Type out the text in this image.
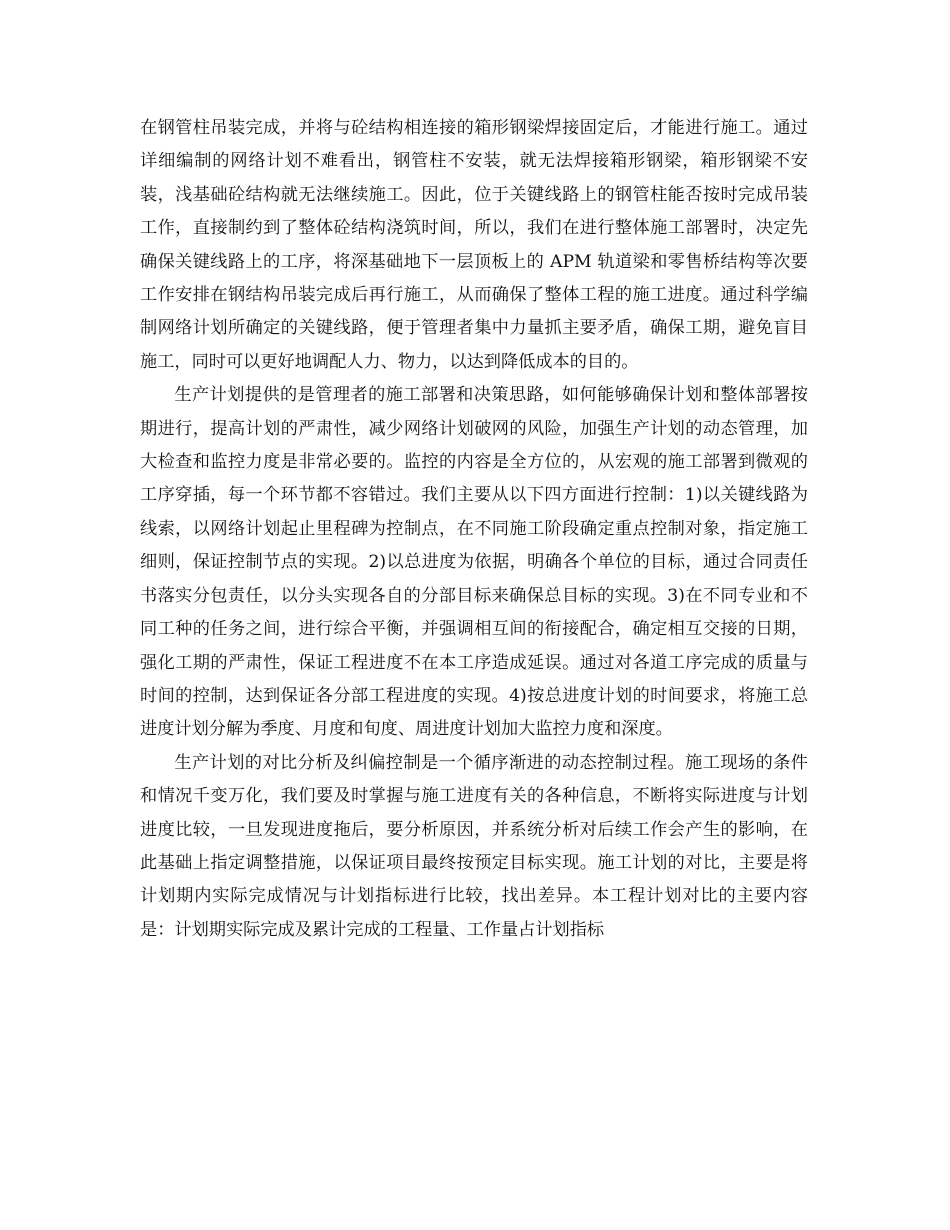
在钢管柱吊装完成，并将与砼结构相连接的箱形钢梁焊接固定后，才能进行施工。通过详细编制的网络计划不难看出，钢管柱不安装，就无法焊接箱形钢梁，箱形钢梁不安装，浅基础砼结构就无法继续施工。因此，位于关键线路上的钢管柱能否按时完成吊装工作，直接制约到了整体砼结构浇筑时间，所以，我们在进行整体施工部署时，决定先确保关键线路上的工序，将深基础地下一层顶板上的 APM 轨道梁和零售桥结构等次要工作安排在钢结构吊装完成后再行施工，从而确保了整体工程的施工进度。通过科学编制网络计划所确定的关键线路，便于管理者集中力量抓主要矛盾，确保工期，避免盲目施工，同时可以更好地调配人力、物力，以达到降低成本的目的。

生产计划提供的是管理者的施工部署和决策思路，如何能够确保计划和整体部署按期进行，提高计划的严肃性，减少网络计划破网的风险，加强生产计划的动态管理，加大检查和监控力度是非常必要的。监控的内容是全方位的，从宏观的施工部署到微观的工序穿插，每一个环节都不容错过。我们主要从以下四方面进行控制：1)以关键线路为线索，以网络计划起止里程碑为控制点，在不同施工阶段确定重点控制对象，指定施工细则，保证控制节点的实现。2)以总进度为依据，明确各个单位的目标，通过合同责任书落实分包责任，以分头实现各自的分部目标来确保总目标的实现。3)在不同专业和不同工种的任务之间，进行综合平衡，并强调相互间的衔接配合，确定相互交接的日期，强化工期的严肃性，保证工程进度不在本工序造成延误。通过对各道工序完成的质量与时间的控制，达到保证各分部工程进度的实现。4)按总进度计划的时间要求，将施工总进度计划分解为季度、月度和旬度、周进度计划加大监控力度和深度。

生产计划的对比分析及纠偏控制是一个循序渐进的动态控制过程。施工现场的条件和情况千变万化，我们要及时掌握与施工进度有关的各种信息，不断将实际进度与计划进度比较，一旦发现进度拖后，要分析原因，并系统分析对后续工作会产生的影响，在此基础上指定调整措施，以保证项目最终按预定目标实现。施工计划的对比，主要是将计划期内实际完成情况与计划指标进行比较，找出差异。本工程计划对比的主要内容是：计划期实际完成及累计完成的工程量、工作量占计划指标
